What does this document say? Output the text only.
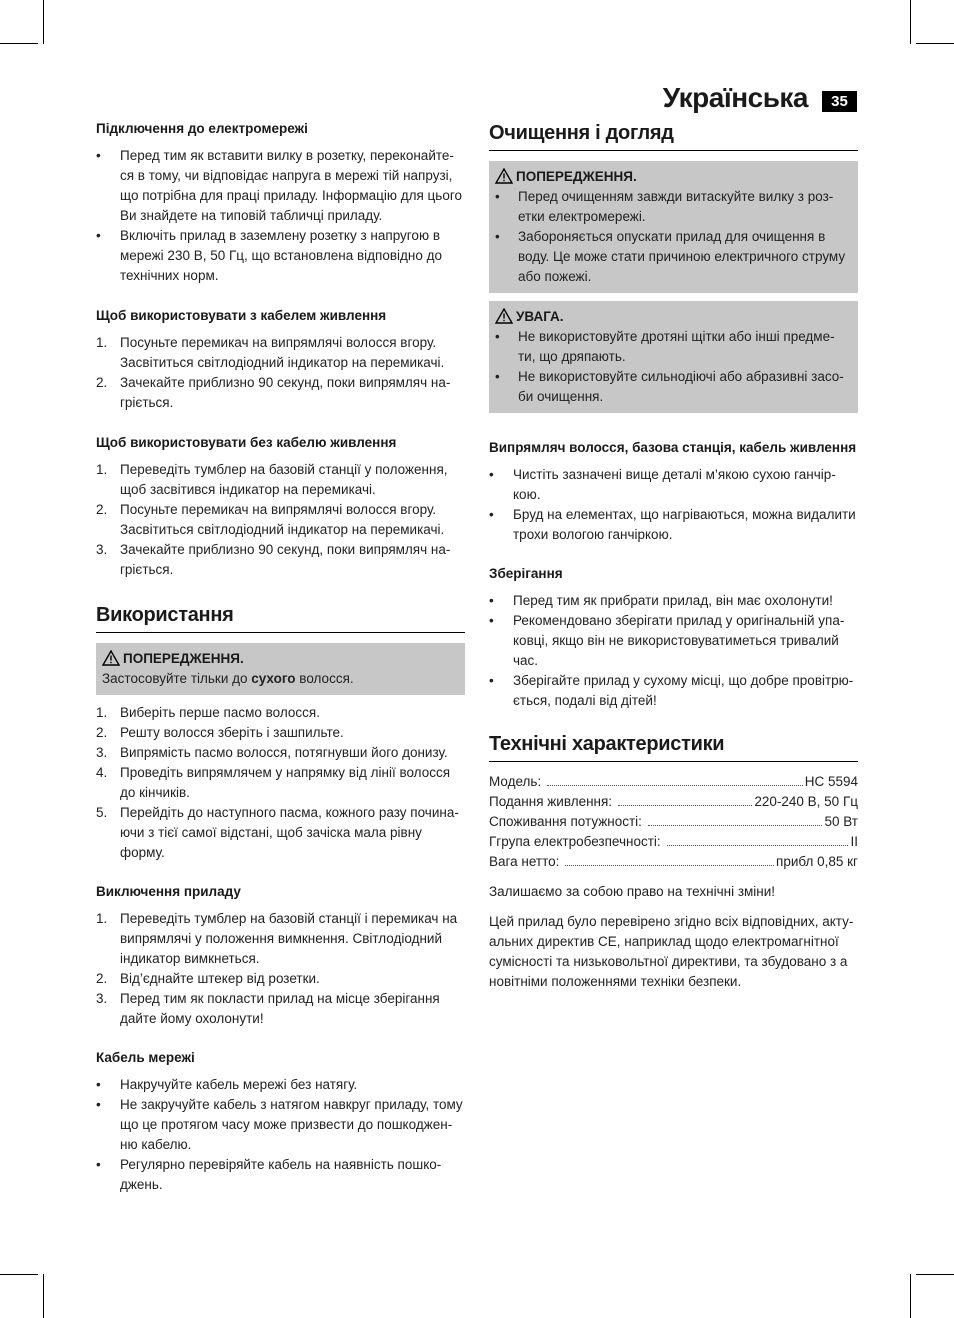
Українська	35
Підключення до електромережі
• Перед тим як вставити вилку в розетку, переконайте-ся в тому, чи відповідає напруга в мережі тій напрузі, що потрібна для праці приладу. Інформацію для цього Ви знайдете на типовій табличці приладу.
• Включіть прилад в заземлену розетку з напругою в мережі 230 В, 50 Гц, що встановлена відповідно до технічних норм.
Щоб використовувати з кабелем живлення
1. Посуньте перемикач на випрямлячі волосся вгору. Засвітиться світлодіодний індикатор на перемикачі.
2. Зачекайте приблизно 90 секунд, поки випрямляч на-гріється.
Щоб використовувати без кабелю живлення
1. Переведіть тумблер на базовій станції у положення, щоб засвітився індикатор на перемикачі.
2. Посуньте перемикач на випрямлячі волосся вгору. Засвітиться світлодіодний індикатор на перемикачі.
3. Зачекайте приблизно 90 секунд, поки випрямляч на-гріється.
Використання
ПОПЕРЕДЖЕННЯ.
Застосовуйте тільки до сухого волосся.
1. Виберіть перше пасмо волосся.
2. Решту волосся зберіть і зашпильте.
3. Випрямість пасмо волосся, потягнувши його донизу.
4. Проведіть випрямлячем у напрямку від лінії волосся до кінчиків.
5. Перейдіть до наступного пасма, кожного разу почина-ючи з тієї самої відстані, щоб зачіска мала рівну форму.
Виключення приладу
1. Переведіть тумблер на базовій станції і перемикач на випрямлячі у положення вимкнення. Світлодіодний індикатор вимкнеться.
2. Від’єднайте штекер від розетки.
3. Перед тим як покласти прилад на місце зберігання дайте йому охолонути!
Кабель мережі
• Накручуйте кабель мережі без натягу.
• Не закручуйте кабель з натягом навкруг приладу, тому що це протягом часу може призвести до пошкоджен-ню кабелю.
• Регулярно перевіряйте кабель на наявність пошко-джень.
Очищення і догляд
ПОПЕРЕДЖЕННЯ.
• Перед очищенням завжди витаскуйте вилку з роз-етки електромережі.
• Забороняється опускати прилад для очищення в воду. Це може стати причиною електричного струму або пожежі.
УВАГА.
• Не використовуйте дротяні щітки або інші предме-ти, що дряпають.
• Не використовуйте сильнодіючі або абразивні засо-би очищення.
Випрямляч волосся, базова станція, кабель живлення
• Чистіть зазначені вище деталі м’якою сухою ганчір-кою.
• Бруд на елементах, що нагріваються, можна видалити трохи вологою ганчіркою.
Зберігання
• Перед тим як прибрати прилад, він має охолонути!
• Рекомендовано зберігати прилад у оригінальній упа-ковці, якщо він не використовуватиметься тривалий час.
• Зберігайте прилад у сухому місці, що добре провітрю-ється, подалі від дітей!
Технічні характеристики
Модель:	HC 5594
Подання живлення:	220-240 В, 50 Гц
Споживання потужності:	50 Вт
Ггрупа електробезпечності:	II
Вага нетто:	прибл 0,85 кг

Залишаємо за собою право на технічні зміни!

Цей прилад було перевірено згідно всіх відповідних, акту-альних директив СЕ, наприклад щодо електромагнітної сумісності та низьковольтної директиви, та збудовано з а новітніми положеннями техніки безпеки.
